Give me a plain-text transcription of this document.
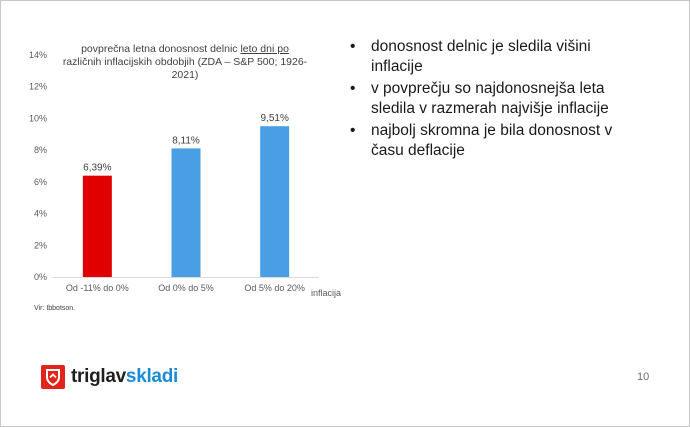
0%
2%
4%
6%
8%
10%
12%
14%
6,39%
Od -11% do 0%
8,11%
Od 0% do 5%
9,51%
Od 5% do 20% inflacija
povprečna letna donosnost delnic leto dni po različnih inflacijskih obdobjih (ZDA – S&P 500; 1926-2021)
Vir: Ibbotson.
• donosnost delnic je sledila višini inflacije
• v povprečju so najdonosnejša leta sledila v razmerah najvišje inflacije
• najbolj skromna je bila donosnost v času deflacije
triglavskladi	10
